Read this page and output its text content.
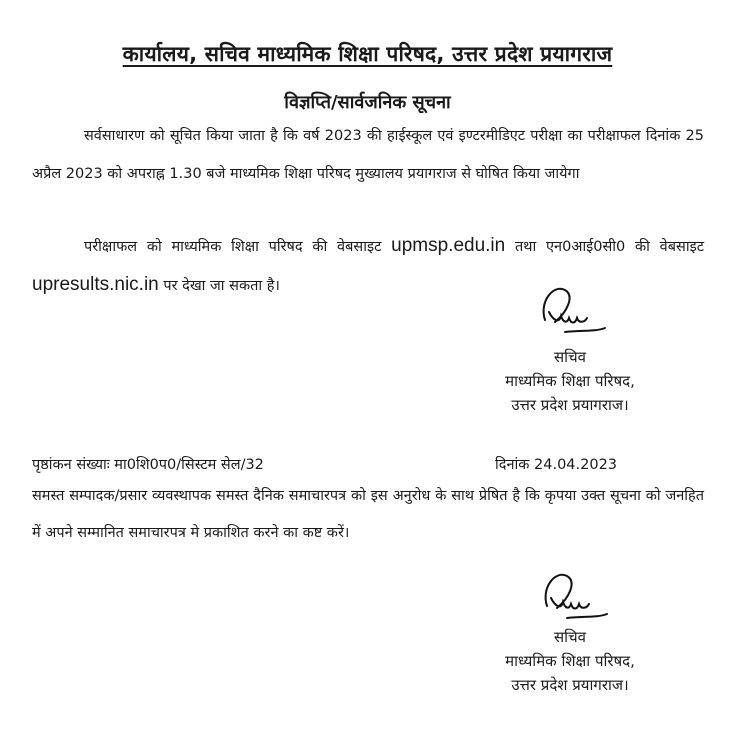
कार्यालय, सचिव माध्यमिक शिक्षा परिषद, उत्तर प्रदेश प्रयागराज
विज्ञप्ति/सार्वजनिक सूचना
सर्वसाधारण को सूचित किया जाता है कि वर्ष 2023 की हाईस्कूल एवं इण्टरमीडिएट परीक्षा का परीक्षाफल दिनांक 25 अप्रैल 2023 को अपराह्न 1.30 बजे माध्यमिक शिक्षा परिषद मुख्यालय प्रयागराज से घोषित किया जायेगा
परीक्षाफल को माध्यमिक शिक्षा परिषद की वेबसाइट upmsp.edu.in तथा एन0आई0सी0 की वेबसाइट upresults.nic.in पर देखा जा सकता है।
सचिव
माध्यमिक शिक्षा परिषद,
उत्तर प्रदेश प्रयागराज।
पृष्ठांकन संख्याः मा0शि0प0/सिस्टम सेल/32	दिनांक 24.04.2023
समस्त सम्पादक/प्रसार व्यवस्थापक समस्त दैनिक समाचारपत्र को इस अनुरोध के साथ प्रेषित है कि कृपया उक्त सूचना को जनहित में अपने सम्मानित समाचारपत्र मे प्रकाशित करने का कष्ट करें।
सचिव
माध्यमिक शिक्षा परिषद,
उत्तर प्रदेश प्रयागराज।
